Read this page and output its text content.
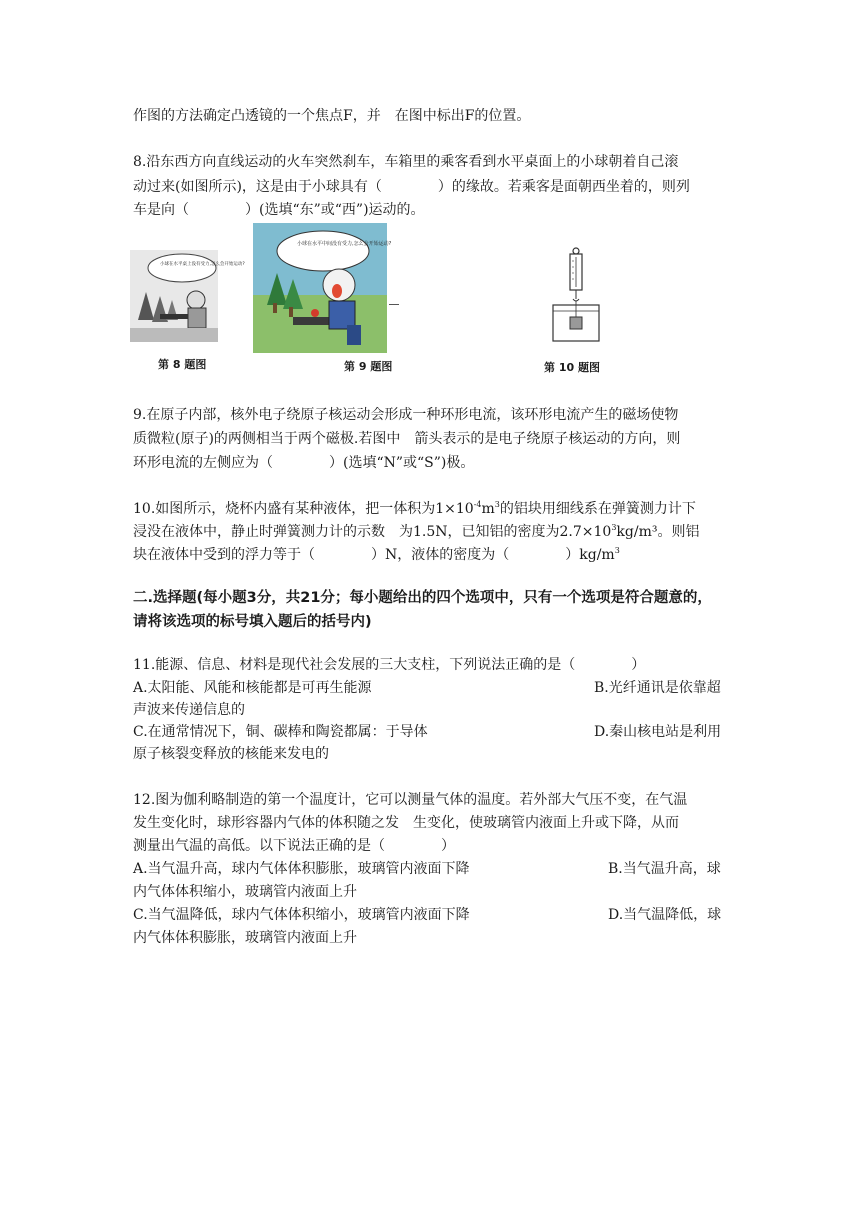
作图的方法确定凸透镜的一个焦点F，并　在图中标出F的位置。
8.沿东西方向直线运动的火车突然刹车，车箱里的乘客看到水平桌面上的小球朝着自己滚
动过来(如图所示)，这是由于小球具有（　　　　）的缘故。若乘客是面朝西坐着的，则列
车是向（　　　　）(选填“东”或“西”)运动的。
小球在水平桌上没有受力,怎么会开始运动?
第 8 题图
小球在水平中间没有受力,怎么会开始运动?
第 9 题图	第 10 题图
9.在原子内部，核外电子绕原子核运动会形成一种环形电流，该环形电流产生的磁场使物
质微粒(原子)的两侧相当于两个磁极.若图中　箭头表示的是电子绕原子核运动的方向，则
环形电流的左侧应为（　　　　）(选填“N”或“S”)极。
10.如图所示，烧杯内盛有某种液体，把一体积为$1\times 10^{-4}m^3$的铝块用细线系在弹簧测力计下
浸没在液体中，静止时弹簧测力计的示数　为1.5N，已知铝的密度为$2.7\times 10^3kg/m^3$。则铝
块在液体中受到的浮力等于（　　　　）N，液体的密度为（　　　　）$kg/m^3$
二.选择题(每小题3分，共21分；每小题给出的四个选项中，只有一个选项是符合题意的，
请将该选项的标号填入题后的括号内)
11.能源、信息、材料是现代社会发展的三大支柱，下列说法正确的是（　　　　）
A.太阳能、风能和核能都是可再生能源	B.光纤通讯是依靠超
声波来传递信息的
C.在通常情况下，铜、碳棒和陶瓷都属：于导体	D.秦山核电站是利用
原子核裂变释放的核能来发电的
12.图为伽利略制造的第一个温度计，它可以测量气体的温度。若外部大气压不变，在气温
发生变化时，球形容器内气体的体积随之发　生变化，使玻璃管内液面上升或下降，从而
测量出气温的高低。以下说法正确的是（　　　　）
A.当气温升高，球内气体体积膨胀，玻璃管内液面下降	B.当气温升高，球
内气体体积缩小，玻璃管内液面上升
C.当气温降低，球内气体体积缩小，玻璃管内液面下降	D.当气温降低，球
内气体体积膨胀，玻璃管内液面上升
